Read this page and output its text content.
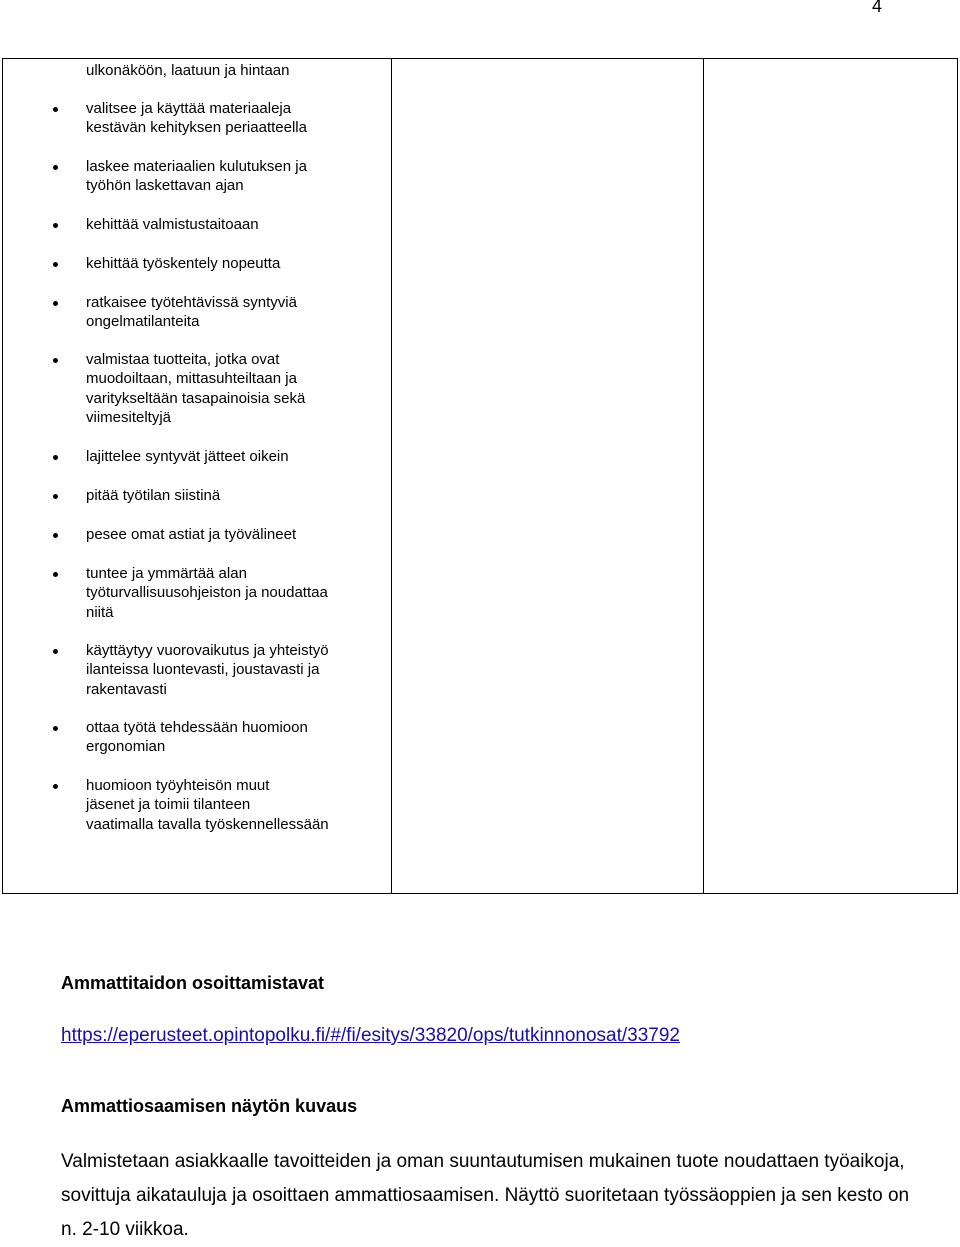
4
ulkonäköön, laatuun ja hintaan
valitsee ja käyttää materiaaleja
kestävän kehityksen periaatteella
laskee materiaalien kulutuksen ja
työhön laskettavan ajan
kehittää valmistustaitoaan
kehittää työskentely nopeutta
ratkaisee työtehtävissä syntyviä
ongelmatilanteita
valmistaa tuotteita, jotka ovat
muodoiltaan, mittasuhteiltaan ja
varitykseltään tasapainoisia sekä
viimesiteltyjä
lajittelee syntyvät jätteet oikein
pitää työtilan siistinä
pesee omat astiat ja työvälineet
tuntee ja ymmärtää alan
työturvallisuusohjeiston ja noudattaa
niitä
käyttäytyy vuorovaikutus ja yhteistyö
ilanteissa luontevasti, joustavasti ja
rakentavasti
ottaa työtä tehdessään huomioon
ergonomian
huomioon työyhteisön muut
jäsenet ja toimii tilanteen
vaatimalla tavalla työskennellessään
Ammattitaidon osoittamistavat
https://eperusteet.opintopolku.fi/#/fi/esitys/33820/ops/tutkinnonosat/33792
Ammattiosaamisen näytön kuvaus
Valmistetaan asiakkaalle tavoitteiden ja oman suuntautumisen mukainen tuote noudattaen työaikoja, sovittuja aikatauluja ja osoittaen ammattiosaamisen. Näyttö suoritetaan työssäoppien ja sen kesto on n. 2-10 viikkoa.
